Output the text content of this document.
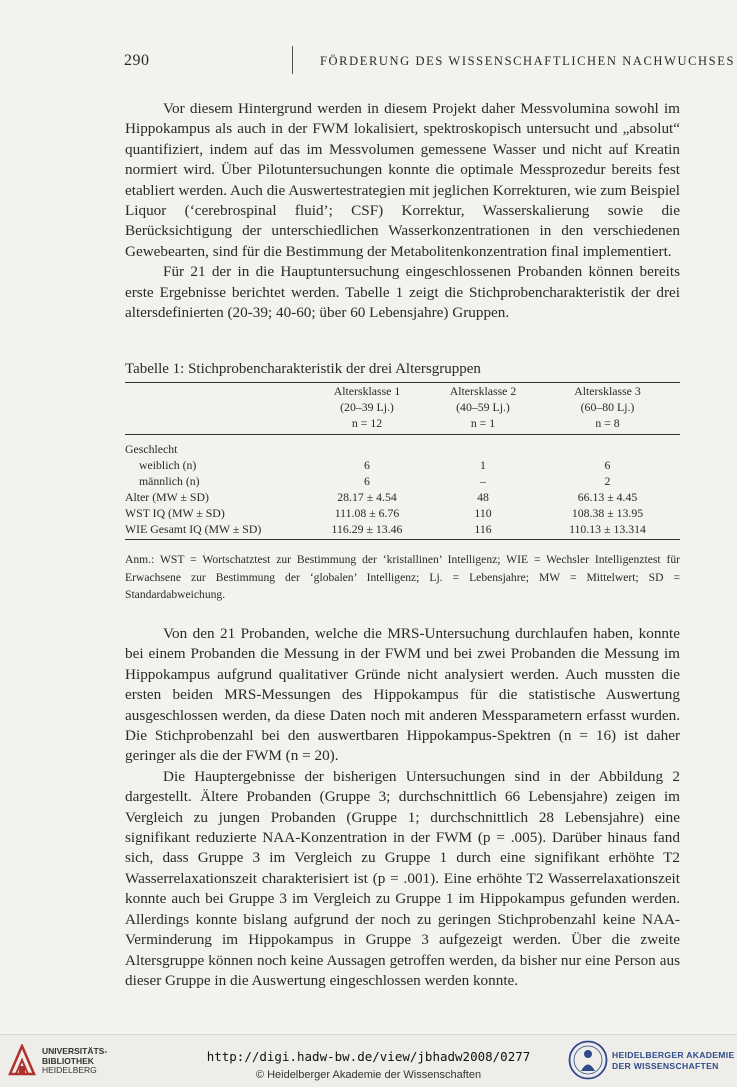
290	FÖRDERUNG DES WISSENSCHAFTLICHEN NACHWUCHSES

Vor diesem Hintergrund werden in diesem Projekt daher Messvolumina sowohl im Hippokampus als auch in der FWM lokalisiert, spektroskopisch untersucht und „absolut“ quantifiziert, indem auf das im Messvolumen gemessene Wasser und nicht auf Kreatin normiert wird. Über Pilotuntersuchungen konnte die optimale Messprozedur bereits fest etabliert werden. Auch die Auswertestrategien mit jeglichen Korrekturen, wie zum Beispiel Liquor (‘cerebrospinal fluid’; CSF) Korrektur, Wasserskalierung sowie die Berücksichtigung der unterschiedlichen Wasserkonzentrationen in den verschiedenen Gewebearten, sind für die Bestimmung der Metabolitenkonzentration final implementiert.

Für 21 der in die Hauptuntersuchung eingeschlossenen Probanden können bereits erste Ergebnisse berichtet werden. Tabelle 1 zeigt die Stichprobencharakteristik der drei altersdefinierten (20-39; 40-60; über 60 Lebensjahre) Gruppen.

Tabelle 1: Stichprobencharakteristik der drei Altersgruppen
	Altersklasse 1	Altersklasse 2	Altersklasse 3
	(20–39 Lj.)	(40–59 Lj.)	(60–80 Lj.)
	n = 12	n = 1	n = 8
Geschlecht			
weiblich (n)	6	1	6
männlich (n)	6	–	2
Alter (MW ± SD)	28.17 ± 4.54	48	66.13 ± 4.45
WST IQ (MW ± SD)	111.08 ± 6.76	110	108.38 ± 13.95
WIE Gesamt IQ (MW ± SD)	116.29 ± 13.46	116	110.13 ± 13.314
Anm.: WST = Wortschatztest zur Bestimmung der ‘kristallinen’ Intelligenz; WIE = Wechsler Intelligenztest für Erwachsene zur Bestimmung der ‘globalen’ Intelligenz; Lj. = Lebensjahre; MW = Mittelwert; SD = Standardabweichung.

Von den 21 Probanden, welche die MRS-Untersuchung durchlaufen haben, konnte bei einem Probanden die Messung in der FWM und bei zwei Probanden die Messung im Hippokampus aufgrund qualitativer Gründe nicht analysiert werden. Auch mussten die ersten beiden MRS-Messungen des Hippokampus für die statistische Auswertung ausgeschlossen werden, da diese Daten noch mit anderen Messparametern erfasst wurden. Die Stichprobenzahl bei den auswertbaren Hippokampus-Spektren (n = 16) ist daher geringer als die der FWM (n = 20).

Die Hauptergebnisse der bisherigen Untersuchungen sind in der Abbildung 2 dargestellt. Ältere Probanden (Gruppe 3; durchschnittlich 66 Lebensjahre) zeigen im Vergleich zu jungen Probanden (Gruppe 1; durchschnittlich 28 Lebensjahre) eine signifikant reduzierte NAA-Konzentration in der FWM (p = .005). Darüber hinaus fand sich, dass Gruppe 3 im Vergleich zu Gruppe 1 durch eine signifikant erhöhte T2 Wasserrelaxationszeit charakterisiert ist (p = .001). Eine erhöhte T2 Wasserrelaxationszeit konnte auch bei Gruppe 3 im Vergleich zu Gruppe 1 im Hippokampus gefunden werden. Allerdings konnte bislang aufgrund der noch zu geringen Stichprobenzahl keine NAA-Verminderung im Hippokampus in Gruppe 3 aufgezeigt werden. Über die zweite Altersgruppe können noch keine Aussagen getroffen werden, da bisher nur eine Person aus dieser Gruppe in die Auswertung eingeschlossen werden konnte.

UNIVERSITÄTS-
BIBLIOTHEK
HEIDELBERG
http://digi.hadw-bw.de/view/jbhadw2008/0277
© Heidelberger Akademie der Wissenschaften
HEIDELBERGER AKADEMIE
DER WISSENSCHAFTEN
